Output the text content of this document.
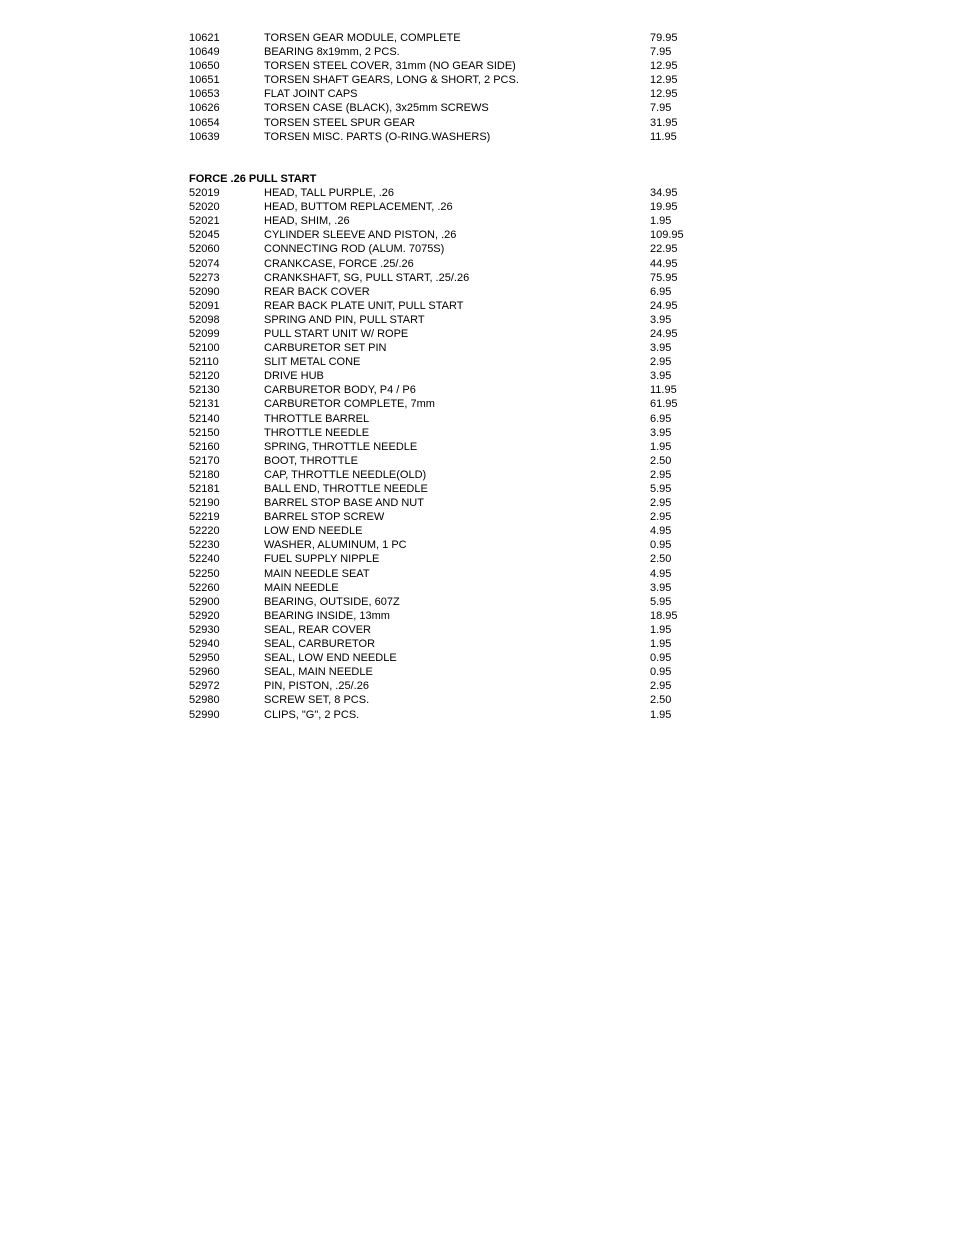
10621	TORSEN GEAR MODULE, COMPLETE	79.95
10649	BEARING 8x19mm, 2 PCS.	7.95
10650	TORSEN STEEL COVER, 31mm (NO GEAR SIDE)	12.95
10651	TORSEN SHAFT GEARS, LONG & SHORT, 2 PCS.	12.95
10653	FLAT JOINT CAPS	12.95
10626	TORSEN CASE (BLACK), 3x25mm SCREWS	7.95
10654	TORSEN STEEL SPUR GEAR	31.95
10639	TORSEN MISC. PARTS (O-RING.WASHERS)	11.95
FORCE .26 PULL START
52019	HEAD, TALL PURPLE, .26	34.95
52020	HEAD, BUTTOM REPLACEMENT, .26	19.95
52021	HEAD, SHIM, .26	1.95
52045	CYLINDER SLEEVE AND PISTON, .26	109.95
52060	CONNECTING ROD (ALUM. 7075S)	22.95
52074	CRANKCASE, FORCE .25/.26	44.95
52273	CRANKSHAFT, SG, PULL START, .25/.26	75.95
52090	REAR BACK COVER	6.95
52091	REAR BACK PLATE UNIT, PULL START	24.95
52098	SPRING AND PIN, PULL START	3.95
52099	PULL START UNIT W/ ROPE	24.95
52100	CARBURETOR SET PIN	3.95
52110	SLIT METAL CONE	2.95
52120	DRIVE HUB	3.95
52130	CARBURETOR BODY, P4 / P6	11.95
52131	CARBURETOR COMPLETE, 7mm	61.95
52140	THROTTLE BARREL	6.95
52150	THROTTLE NEEDLE	3.95
52160	SPRING, THROTTLE NEEDLE	1.95
52170	BOOT, THROTTLE	2.50
52180	CAP, THROTTLE NEEDLE(OLD)	2.95
52181	BALL END, THROTTLE NEEDLE	5.95
52190	BARREL STOP BASE AND NUT	2.95
52219	BARREL STOP SCREW	2.95
52220	LOW END NEEDLE	4.95
52230	WASHER, ALUMINUM, 1 PC	0.95
52240	FUEL SUPPLY NIPPLE	2.50
52250	MAIN NEEDLE SEAT	4.95
52260	MAIN NEEDLE	3.95
52900	BEARING, OUTSIDE, 607Z	5.95
52920	BEARING INSIDE, 13mm	18.95
52930	SEAL, REAR COVER	1.95
52940	SEAL, CARBURETOR	1.95
52950	SEAL, LOW END NEEDLE	0.95
52960	SEAL, MAIN NEEDLE	0.95
52972	PIN, PISTON, .25/.26	2.95
52980	SCREW SET, 8 PCS.	2.50
52990	CLIPS, "G", 2 PCS.	1.95
